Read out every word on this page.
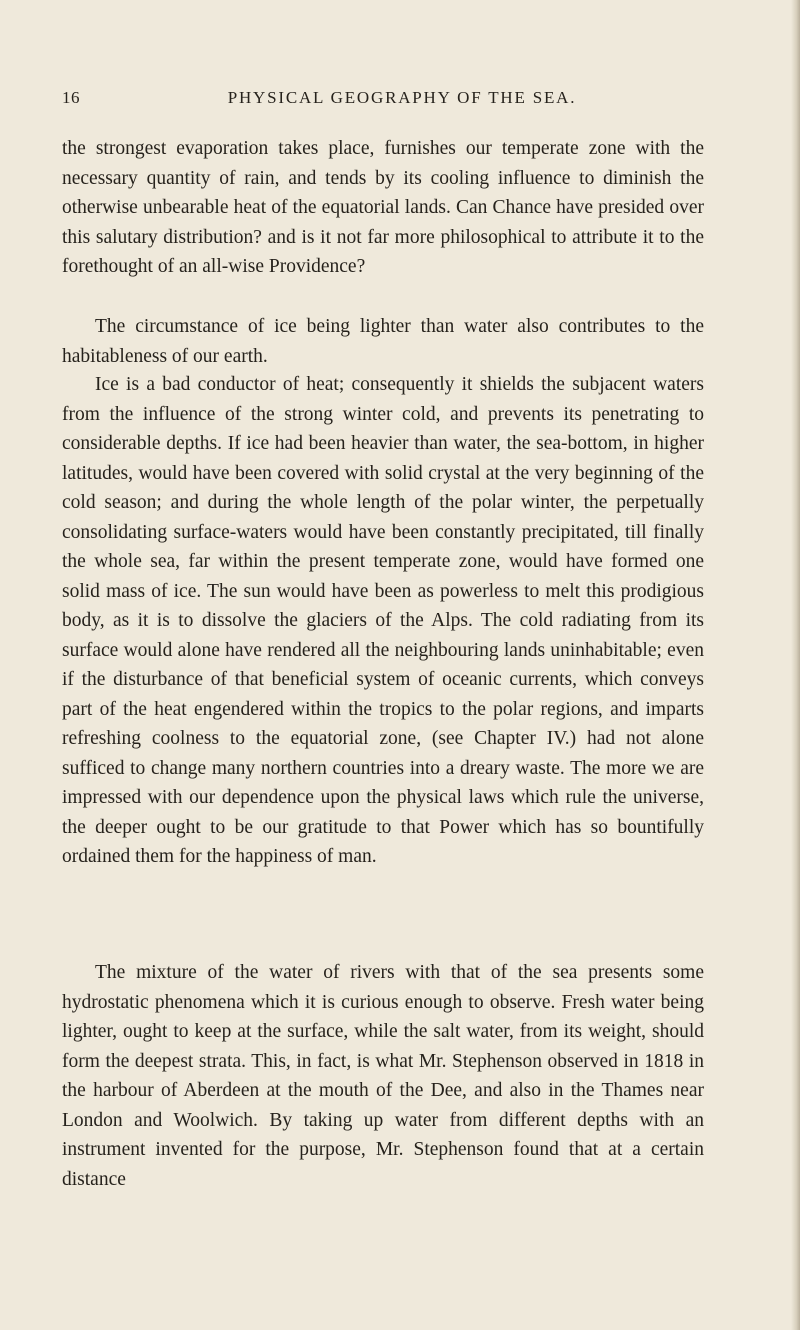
16	PHYSICAL GEOGRAPHY OF THE SEA.

the strongest evaporation takes place, furnishes our temperate zone with the necessary quantity of rain, and tends by its cooling influence to diminish the otherwise unbearable heat of the equatorial lands. Can Chance have presided over this salutary distribution? and is it not far more philosophical to attribute it to the forethought of an all-wise Providence?

The circumstance of ice being lighter than water also contributes to the habitableness of our earth.

Ice is a bad conductor of heat; consequently it shields the subjacent waters from the influence of the strong winter cold, and prevents its penetrating to considerable depths. If ice had been heavier than water, the sea-bottom, in higher latitudes, would have been covered with solid crystal at the very beginning of the cold season; and during the whole length of the polar winter, the perpetually consolidating surface-waters would have been constantly precipitated, till finally the whole sea, far within the present temperate zone, would have formed one solid mass of ice. The sun would have been as powerless to melt this prodigious body, as it is to dissolve the glaciers of the Alps. The cold radiating from its surface would alone have rendered all the neighbouring lands uninhabitable; even if the disturbance of that beneficial system of oceanic currents, which conveys part of the heat engendered within the tropics to the polar regions, and imparts refreshing coolness to the equatorial zone, (see Chapter IV.) had not alone sufficed to change many northern countries into a dreary waste. The more we are impressed with our dependence upon the physical laws which rule the universe, the deeper ought to be our gratitude to that Power which has so bountifully ordained them for the happiness of man.

The mixture of the water of rivers with that of the sea presents some hydrostatic phenomena which it is curious enough to observe. Fresh water being lighter, ought to keep at the surface, while the salt water, from its weight, should form the deepest strata. This, in fact, is what Mr. Stephenson observed in 1818 in the harbour of Aberdeen at the mouth of the Dee, and also in the Thames near London and Woolwich. By taking up water from different depths with an instrument invented for the purpose, Mr. Stephenson found that at a certain distance
